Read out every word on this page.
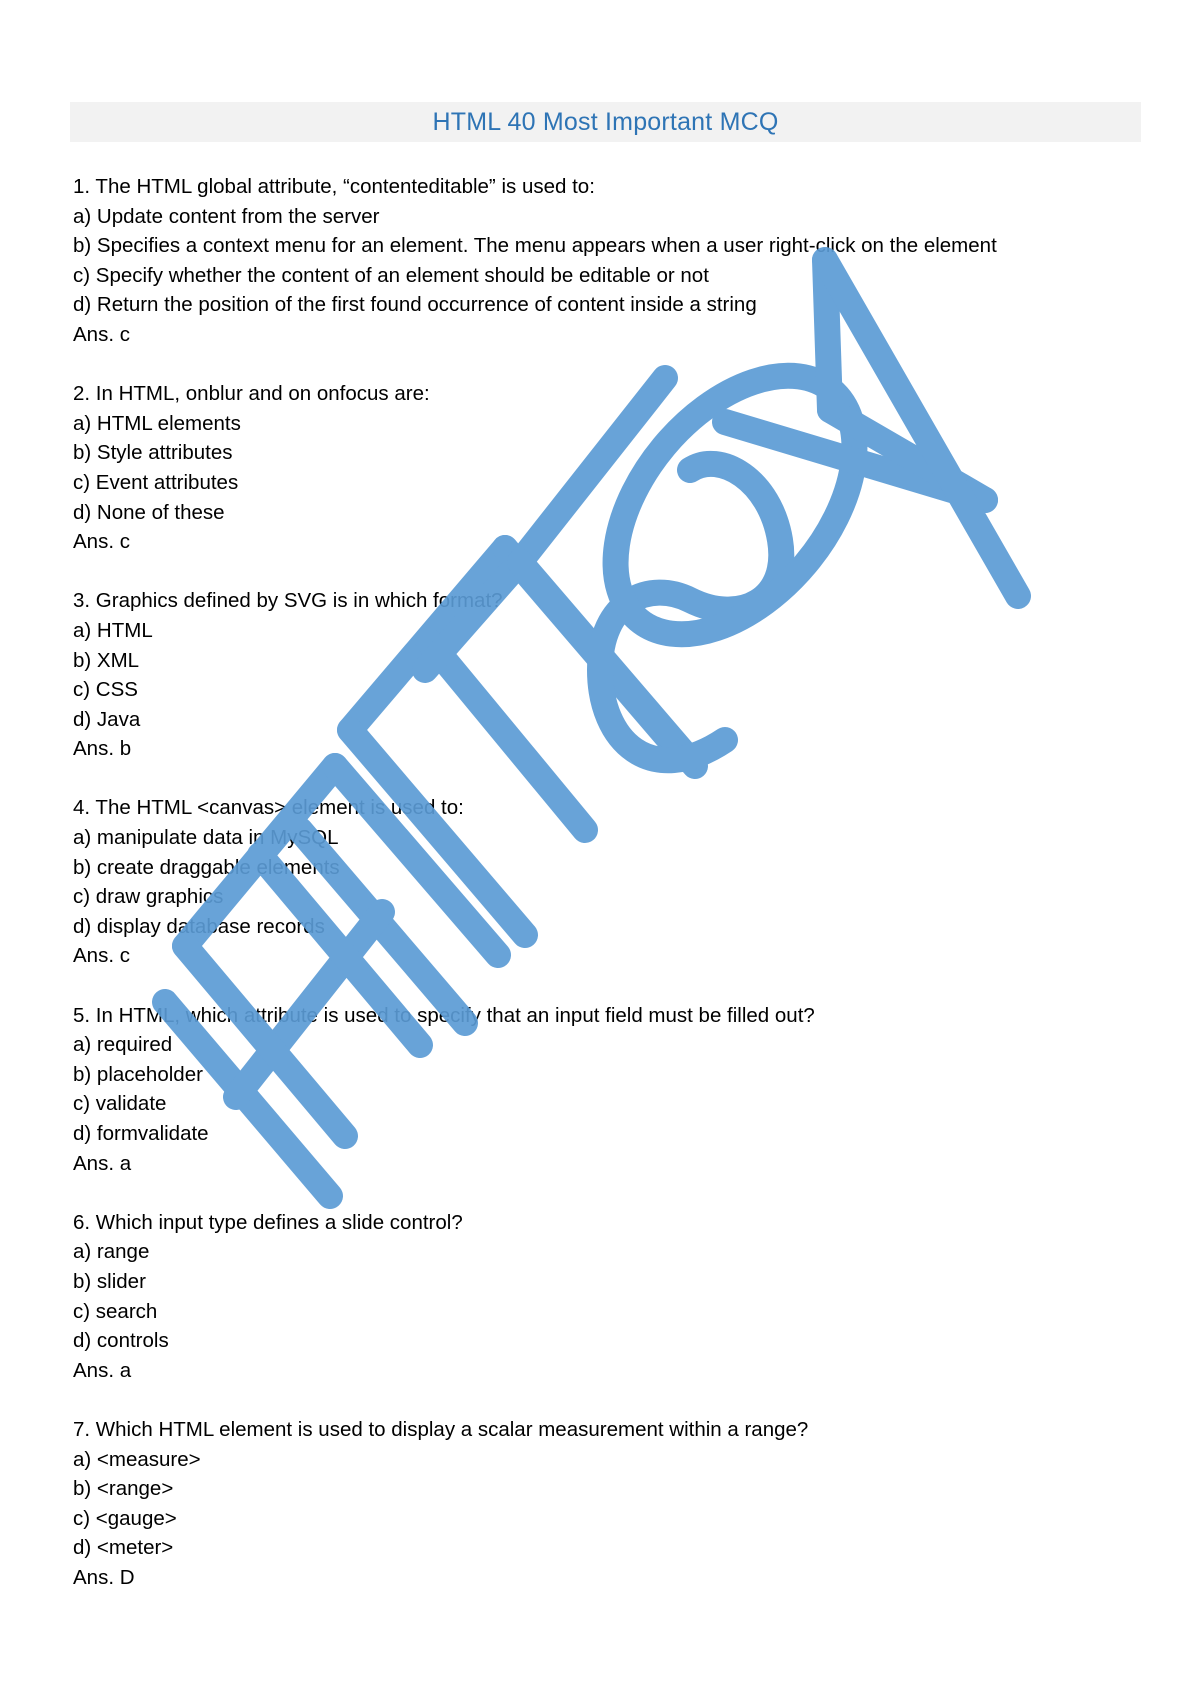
HTML 40 Most Important MCQ
1. The HTML global attribute, “contenteditable” is used to:
a) Update content from the server
b) Specifies a context menu for an element. The menu appears when a user right-click on the element
c) Specify whether the content of an element should be editable or not
d) Return the position of the first found occurrence of content inside a string
Ans. c
2. In HTML, onblur and on onfocus are:
a) HTML elements
b) Style attributes
c) Event attributes
d) None of these
Ans. c
3. Graphics defined by SVG is in which format?
a) HTML
b) XML
c) CSS
d) Java
Ans. b
4. The HTML <canvas> element is used to:
a) manipulate data in MySQL
b) create draggable elements
c) draw graphics
d) display database records
Ans. c
5. In HTML, which attribute is used to specify that an input field must be filled out?
a) required
b) placeholder
c) validate
d) formvalidate
Ans. a
6. Which input type defines a slide control?
a) range
b) slider
c) search
d) controls
Ans. a
7. Which HTML element is used to display a scalar measurement within a range?
a) <measure>
b) <range>
c) <gauge>
d) <meter>
Ans. D
